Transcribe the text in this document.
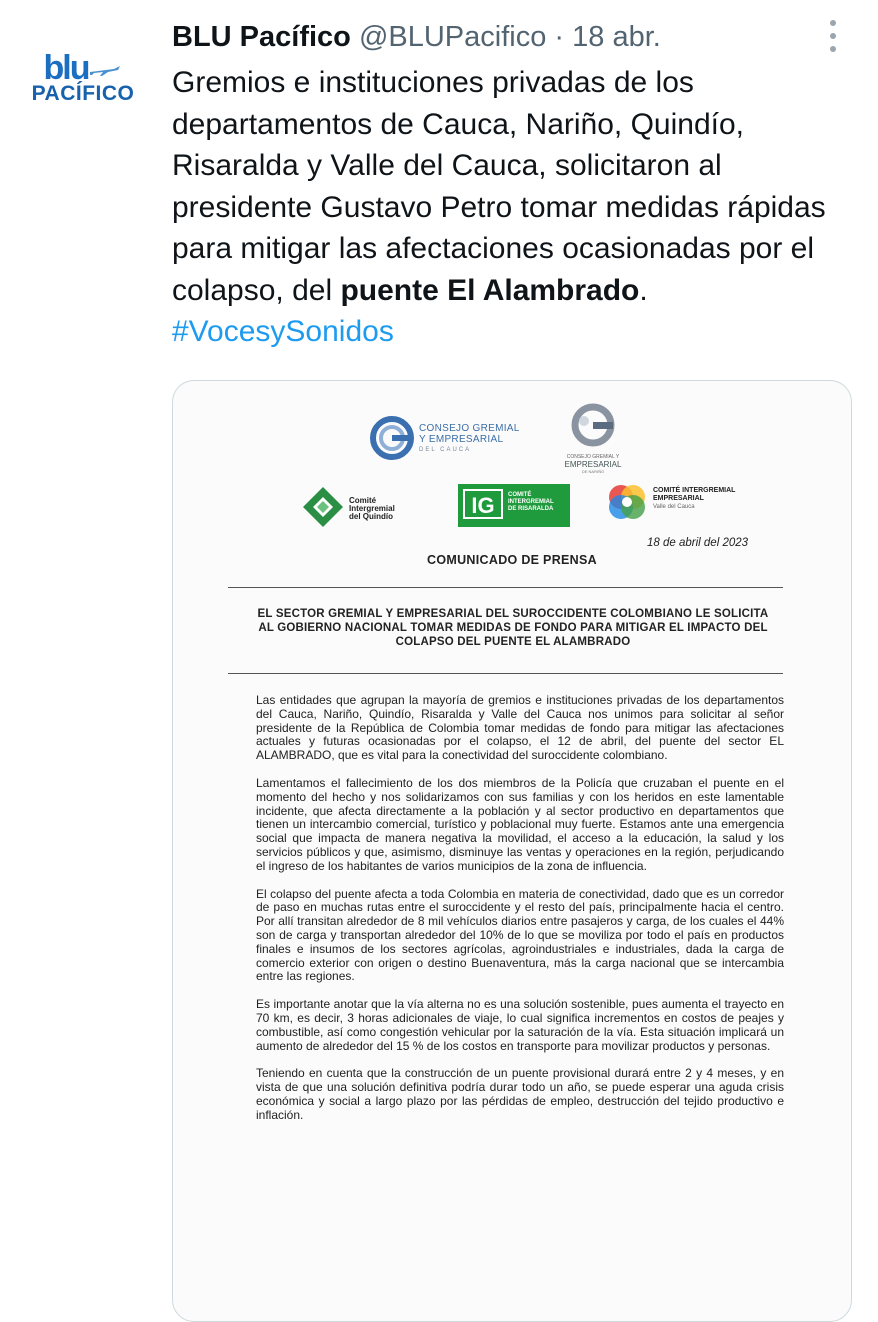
blu
PACÍFICO
BLU Pacífico @BLUPacifico · 18 abr.
Gremios e instituciones privadas de los departamentos de Cauca, Nariño, Quindío, Risaralda y Valle del Cauca, solicitaron al presidente Gustavo Petro tomar medidas rápidas para mitigar las afectaciones ocasionadas por el colapso, del puente El Alambrado. #VocesySonidos
CONSEJO GREMIAL
Y EMPRESARIAL
DEL CAUCA
CONSEJO GREMIAL Y
EMPRESARIAL
DE NARIÑO
Comité
Intergremial
del Quindío	IG	COMITÉ
INTERGREMIAL
DE RISARALDA
COMITÉ INTERGREMIAL
EMPRESARIAL
Valle del Cauca
18 de abril del 2023
COMUNICADO DE PRENSA
EL SECTOR GREMIAL Y EMPRESARIAL DEL SUROCCIDENTE COLOMBIANO LE SOLICITA AL GOBIERNO NACIONAL TOMAR MEDIDAS DE FONDO PARA MITIGAR EL IMPACTO DEL COLAPSO DEL PUENTE EL ALAMBRADO

Las entidades que agrupan la mayoría de gremios e instituciones privadas de los departamentos del Cauca, Nariño, Quindío, Risaralda y Valle del Cauca nos unimos para solicitar al señor presidente de la República de Colombia tomar medidas de fondo para mitigar las afectaciones actuales y futuras ocasionadas por el colapso, el 12 de abril, del puente del sector EL ALAMBRADO, que es vital para la conectividad del suroccidente colombiano.

Lamentamos el fallecimiento de los dos miembros de la Policía que cruzaban el puente en el momento del hecho y nos solidarizamos con sus familias y con los heridos en este lamentable incidente, que afecta directamente a la población y al sector productivo en departamentos que tienen un intercambio comercial, turístico y poblacional muy fuerte. Estamos ante una emergencia social que impacta de manera negativa la movilidad, el acceso a la educación, la salud y los servicios públicos y que, asimismo, disminuye las ventas y operaciones en la región, perjudicando el ingreso de los habitantes de varios municipios de la zona de influencia.

El colapso del puente afecta a toda Colombia en materia de conectividad, dado que es un corredor de paso en muchas rutas entre el suroccidente y el resto del país, principalmente hacia el centro. Por allí transitan alrededor de 8 mil vehículos diarios entre pasajeros y carga, de los cuales el 44% son de carga y transportan alrededor del 10% de lo que se moviliza por todo el país en productos finales e insumos de los sectores agrícolas, agroindustriales e industriales, dada la carga de comercio exterior con origen o destino Buenaventura, más la carga nacional que se intercambia entre las regiones.

Es importante anotar que la vía alterna no es una solución sostenible, pues aumenta el trayecto en 70 km, es decir, 3 horas adicionales de viaje, lo cual significa incrementos en costos de peajes y combustible, así como congestión vehicular por la saturación de la vía. Esta situación implicará un aumento de alrededor del 15 % de los costos en transporte para movilizar productos y personas.

Teniendo en cuenta que la construcción de un puente provisional durará entre 2 y 4 meses, y en vista de que una solución definitiva podría durar todo un año, se puede esperar una aguda crisis económica y social a largo plazo por las pérdidas de empleo, destrucción del tejido productivo e inflación.
